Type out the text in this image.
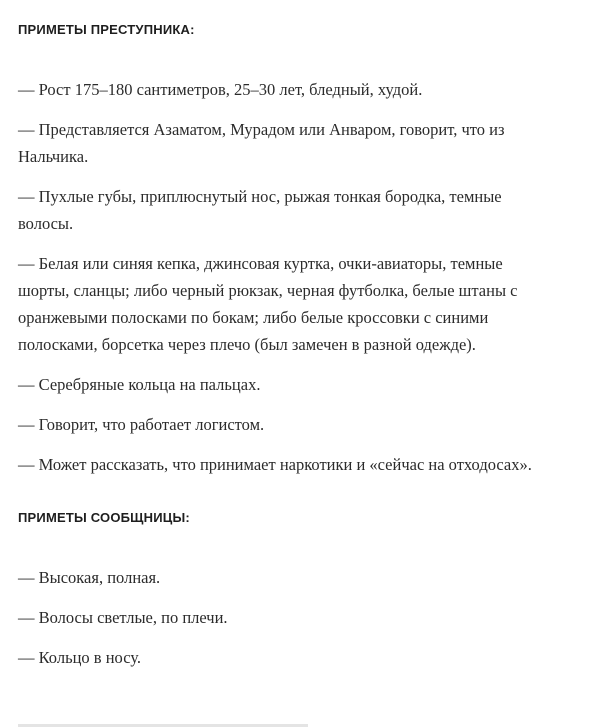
ПРИМЕТЫ ПРЕСТУПНИКА:
— Рост 175–180 сантиметров, 25–30 лет, бледный, худой.
— Представляется Азаматом, Мурадом или Анваром, говорит, что из Нальчика.
— Пухлые губы, приплюснутый нос, рыжая тонкая бородка, темные волосы.
— Белая или синяя кепка, джинсовая куртка, очки-авиаторы, темные шорты, сланцы; либо черный рюкзак, черная футболка, белые штаны с оранжевыми полосками по бокам; либо белые кроссовки с синими полосками, борсетка через плечо (был замечен в разной одежде).
— Серебряные кольца на пальцах.
— Говорит, что работает логистом.
— Может рассказать, что принимает наркотики и «сейчас на отходосах».
ПРИМЕТЫ СООБЩНИЦЫ:
— Высокая, полная.
— Волосы светлые, по плечи.
— Кольцо в носу.
